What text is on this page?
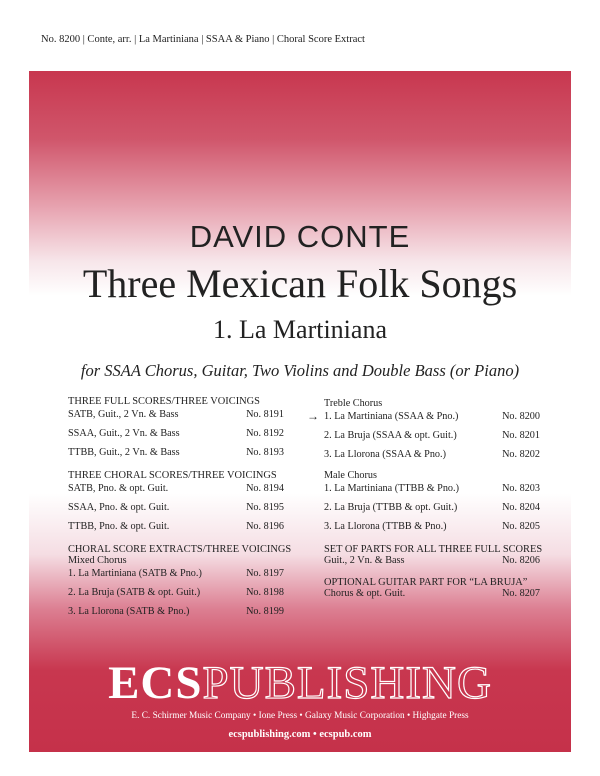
No. 8200 | Conte, arr. | La Martiniana | SSAA & Piano | Choral Score Extract
DAVID CONTE
Three Mexican Folk Songs
1. La Martiniana
for SSAA Chorus, Guitar, Two Violins and Double Bass (or Piano)
THREE FULL SCORES/THREE VOICINGS
SATB, Guit., 2 Vn. & Bass	No. 8191
SSAA, Guit., 2 Vn. & Bass	No. 8192
TTBB, Guit., 2 Vn. & Bass	No. 8193
THREE CHORAL SCORES/THREE VOICINGS
SATB, Pno. & opt. Guit.	No. 8194
SSAA, Pno. & opt. Guit.	No. 8195
TTBB, Pno. & opt. Guit.	No. 8196
CHORAL SCORE EXTRACTS/THREE VOICINGS
Mixed Chorus
1. La Martiniana (SATB & Pno.)	No. 8197
2. La Bruja (SATB & opt. Guit.)	No. 8198
3. La Llorona (SATB & Pno.)	No. 8199
Treble Chorus
→ 1. La Martiniana (SSAA & Pno.)	No. 8200
2. La Bruja (SSAA & opt. Guit.)	No. 8201
3. La Llorona (SSAA & Pno.)	No. 8202
Male Chorus
1. La Martiniana (TTBB & Pno.)	No. 8203
2. La Bruja (TTBB & opt. Guit.)	No. 8204
3. La Llorona (TTBB & Pno.)	No. 8205
SET OF PARTS FOR ALL THREE FULL SCORES
Guit., 2 Vn. & Bass	No. 8206
OPTIONAL GUITAR PART FOR “LA BRUJA”
Chorus & opt. Guit.	No. 8207
ECSPUBLISHING
E. C. Schirmer Music Company • Ione Press • Galaxy Music Corporation • Highgate Press
ecspublishing.com • ecspub.com
